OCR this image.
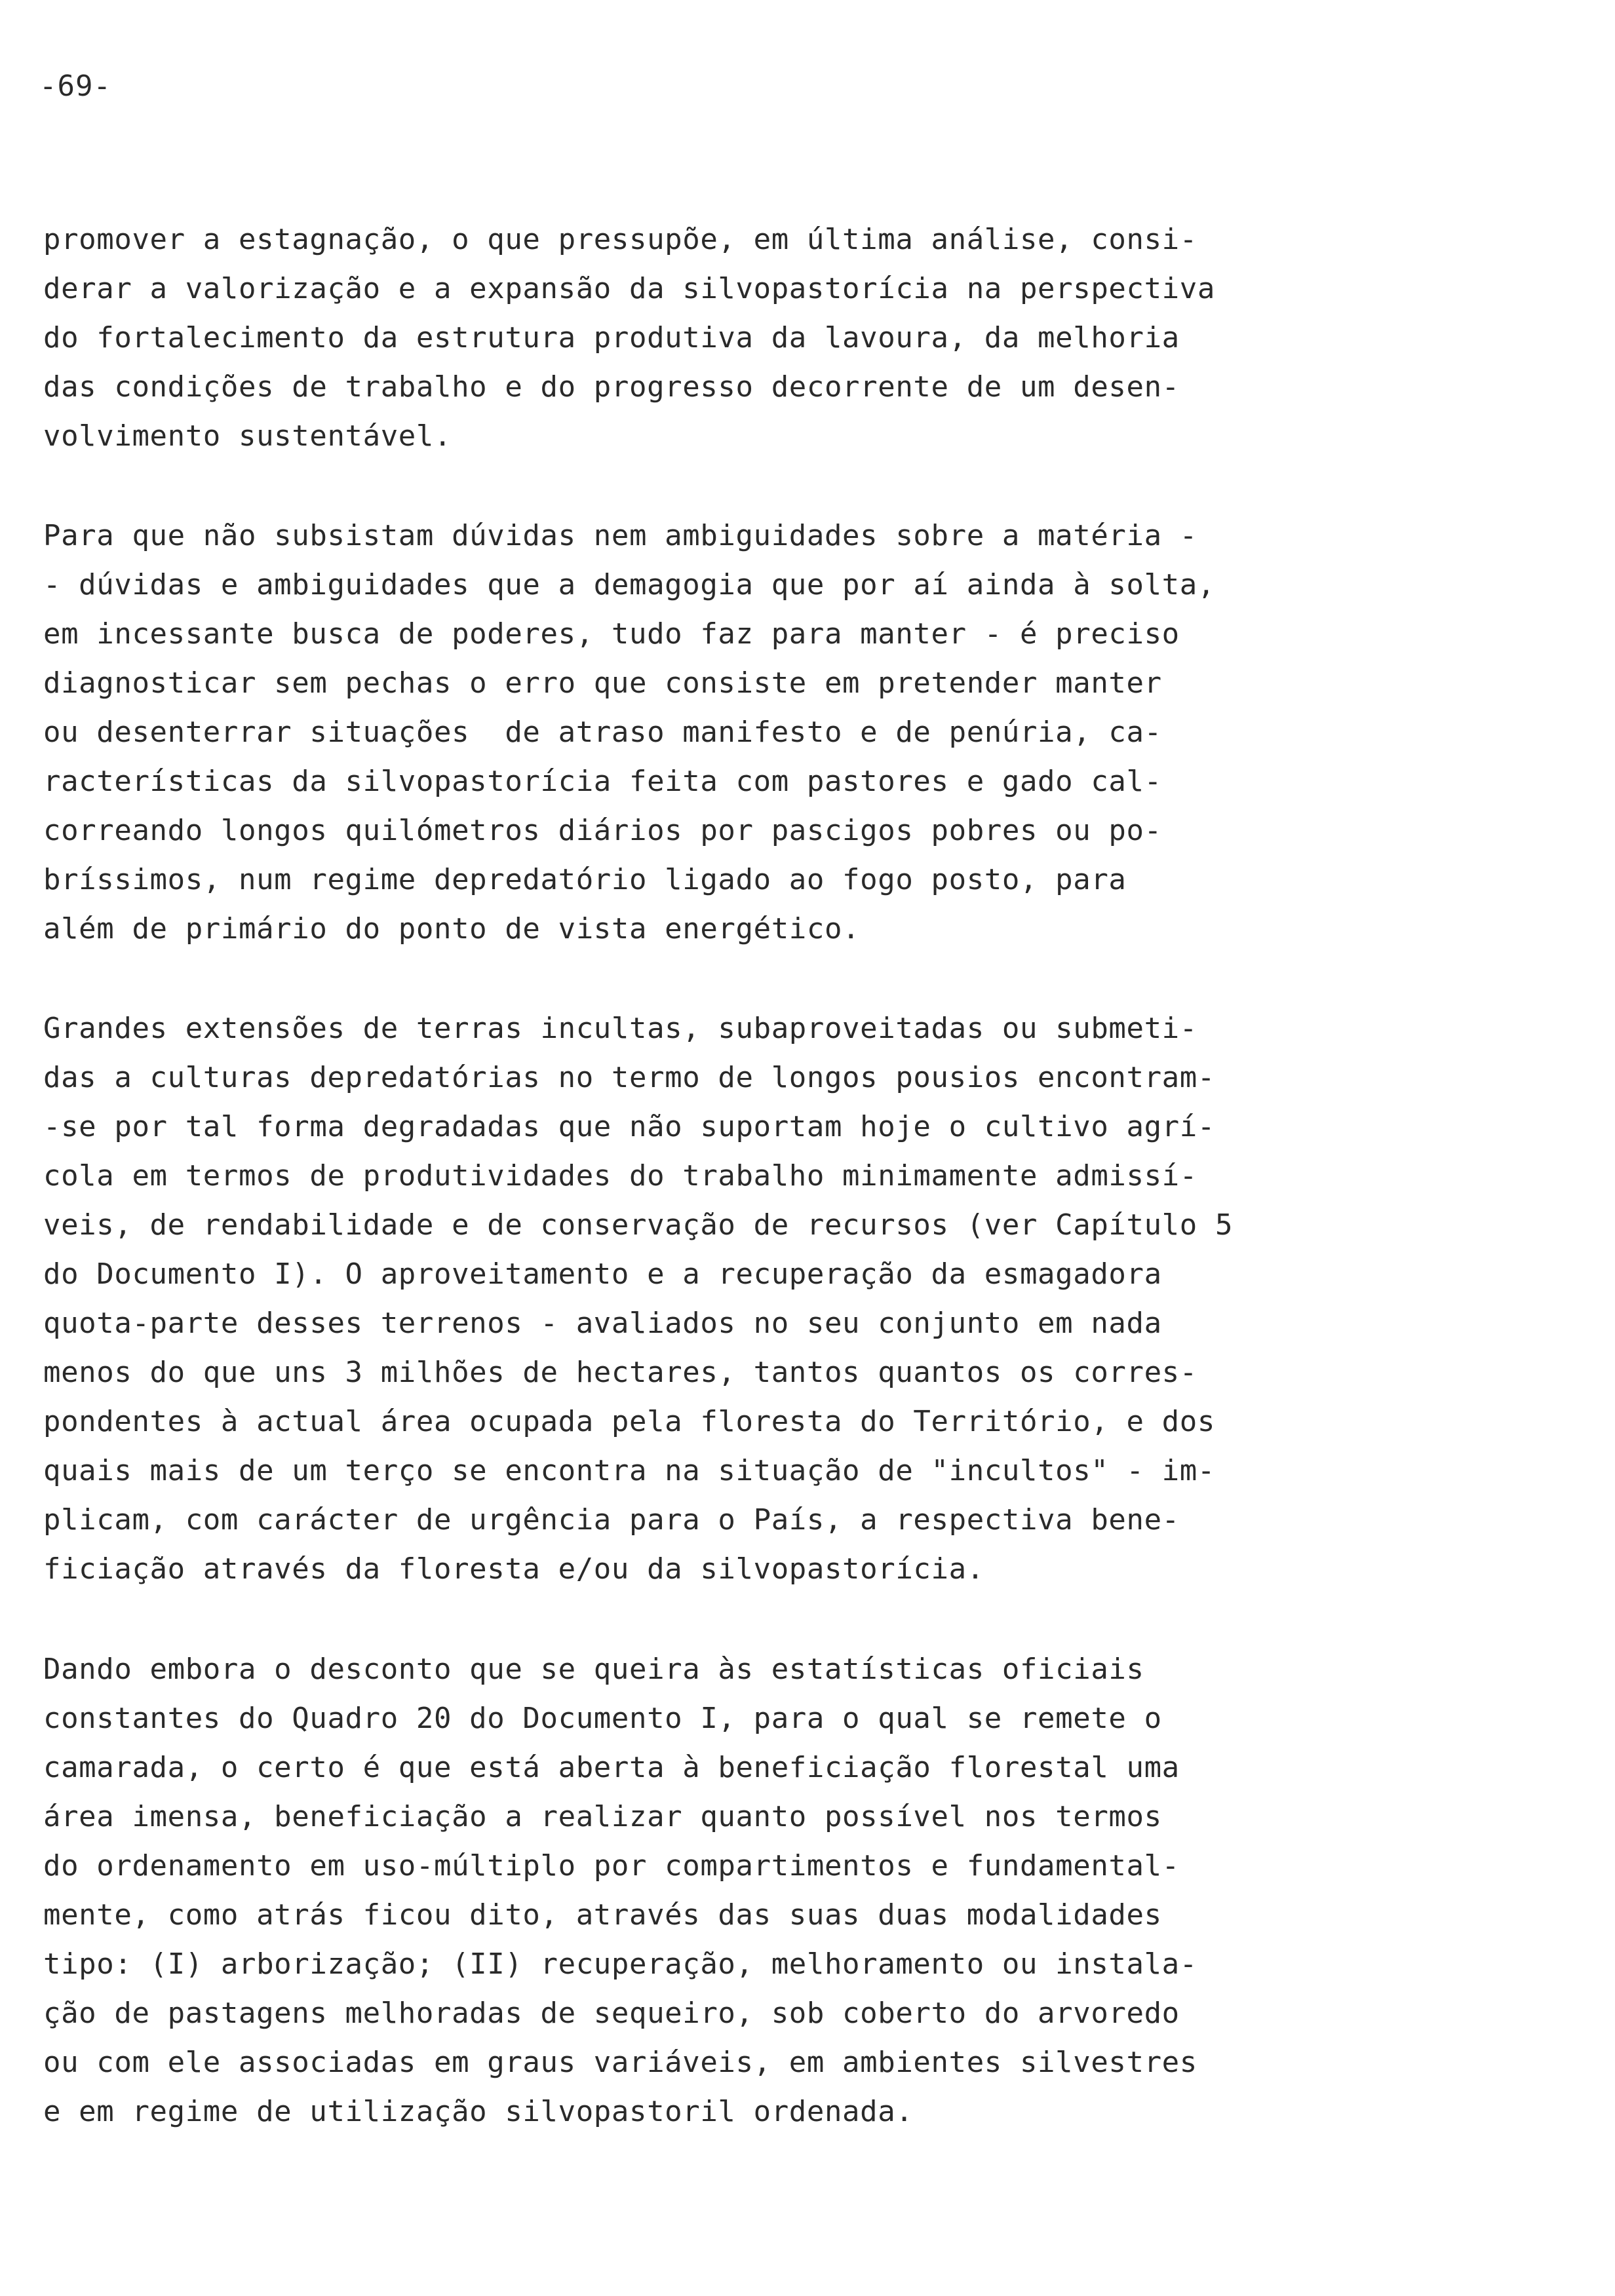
-69-
promover a estagnação, o que pressupõe, em última análise, consi-
derar a valorização e a expansão da silvopastorícia na perspectiva
do fortalecimento da estrutura produtiva da lavoura, da melhoria
das condições de trabalho e do progresso decorrente de um desen-
volvimento sustentável.
Para que não subsistam dúvidas nem ambiguidades sobre a matéria -
- dúvidas e ambiguidades que a demagogia que por aí ainda à solta,
em incessante busca de poderes, tudo faz para manter - é preciso
diagnosticar sem pechas o erro que consiste em pretender manter
ou desenterrar situações  de atraso manifesto e de penúria, ca-
racterísticas da silvopastorícia feita com pastores e gado cal-
correando longos quilómetros diários por pascigos pobres ou po-
bríssimos, num regime depredatório ligado ao fogo posto, para
além de primário do ponto de vista energético.
Grandes extensões de terras incultas, subaproveitadas ou submeti-
das a culturas depredatórias no termo de longos pousios encontram-
-se por tal forma degradadas que não suportam hoje o cultivo agrí-
cola em termos de produtividades do trabalho minimamente admissí-
veis, de rendabilidade e de conservação de recursos (ver Capítulo 5
do Documento I). O aproveitamento e a recuperação da esmagadora
quota-parte desses terrenos - avaliados no seu conjunto em nada
menos do que uns 3 milhões de hectares, tantos quantos os corres-
pondentes à actual área ocupada pela floresta do Território, e dos
quais mais de um terço se encontra na situação de "incultos" - im-
plicam, com carácter de urgência para o País, a respectiva bene-
ficiação através da floresta e/ou da silvopastorícia.
Dando embora o desconto que se queira às estatísticas oficiais
constantes do Quadro 20 do Documento I, para o qual se remete o
camarada, o certo é que está aberta à beneficiação florestal uma
área imensa, beneficiação a realizar quanto possível nos termos
do ordenamento em uso-múltiplo por compartimentos e fundamental-
mente, como atrás ficou dito, através das suas duas modalidades
tipo: (I) arborização; (II) recuperação, melhoramento ou instala-
ção de pastagens melhoradas de sequeiro, sob coberto do arvoredo
ou com ele associadas em graus variáveis, em ambientes silvestres
e em regime de utilização silvopastoril ordenada.
